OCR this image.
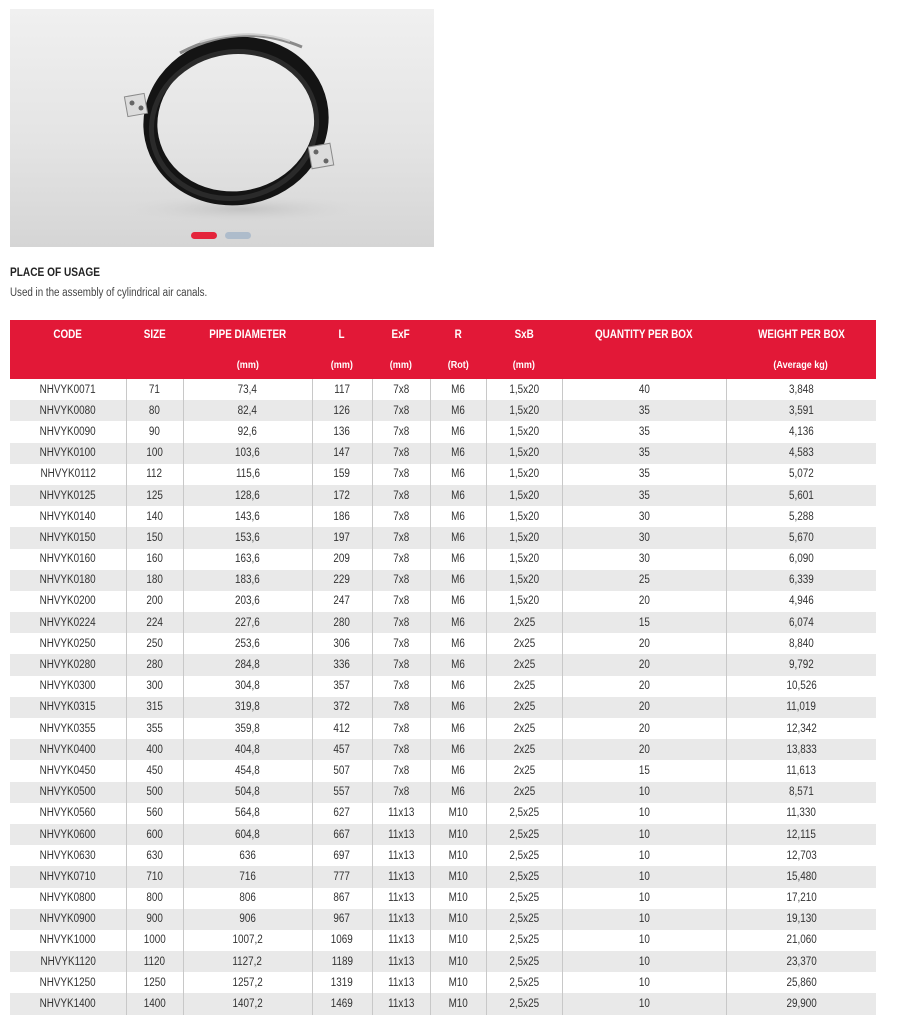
PLACE OF USAGE
Used in the assembly of cylindrical air canals.
CODE	SIZE	PIPE DIAMETER	L	ExF	R	SxB	QUANTITY PER BOX	WEIGHT PER BOX
		(mm)	(mm)	(mm)	(Rot)	(mm)		(Average kg)
NHVYK0071	71	73,4	117	7x8	M6	1,5x20	40	3,848
NHVYK0080	80	82,4	126	7x8	M6	1,5x20	35	3,591
NHVYK0090	90	92,6	136	7x8	M6	1,5x20	35	4,136
NHVYK0100	100	103,6	147	7x8	M6	1,5x20	35	4,583
NHVYK0112	112	115,6	159	7x8	M6	1,5x20	35	5,072
NHVYK0125	125	128,6	172	7x8	M6	1,5x20	35	5,601
NHVYK0140	140	143,6	186	7x8	M6	1,5x20	30	5,288
NHVYK0150	150	153,6	197	7x8	M6	1,5x20	30	5,670
NHVYK0160	160	163,6	209	7x8	M6	1,5x20	30	6,090
NHVYK0180	180	183,6	229	7x8	M6	1,5x20	25	6,339
NHVYK0200	200	203,6	247	7x8	M6	1,5x20	20	4,946
NHVYK0224	224	227,6	280	7x8	M6	2x25	15	6,074
NHVYK0250	250	253,6	306	7x8	M6	2x25	20	8,840
NHVYK0280	280	284,8	336	7x8	M6	2x25	20	9,792
NHVYK0300	300	304,8	357	7x8	M6	2x25	20	10,526
NHVYK0315	315	319,8	372	7x8	M6	2x25	20	11,019
NHVYK0355	355	359,8	412	7x8	M6	2x25	20	12,342
NHVYK0400	400	404,8	457	7x8	M6	2x25	20	13,833
NHVYK0450	450	454,8	507	7x8	M6	2x25	15	11,613
NHVYK0500	500	504,8	557	7x8	M6	2x25	10	8,571
NHVYK0560	560	564,8	627	11x13	M10	2,5x25	10	11,330
NHVYK0600	600	604,8	667	11x13	M10	2,5x25	10	12,115
NHVYK0630	630	636	697	11x13	M10	2,5x25	10	12,703
NHVYK0710	710	716	777	11x13	M10	2,5x25	10	15,480
NHVYK0800	800	806	867	11x13	M10	2,5x25	10	17,210
NHVYK0900	900	906	967	11x13	M10	2,5x25	10	19,130
NHVYK1000	1000	1007,2	1069	11x13	M10	2,5x25	10	21,060
NHVYK1120	1120	1127,2	1189	11x13	M10	2,5x25	10	23,370
NHVYK1250	1250	1257,2	1319	11x13	M10	2,5x25	10	25,860
NHVYK1400	1400	1407,2	1469	11x13	M10	2,5x25	10	29,900
